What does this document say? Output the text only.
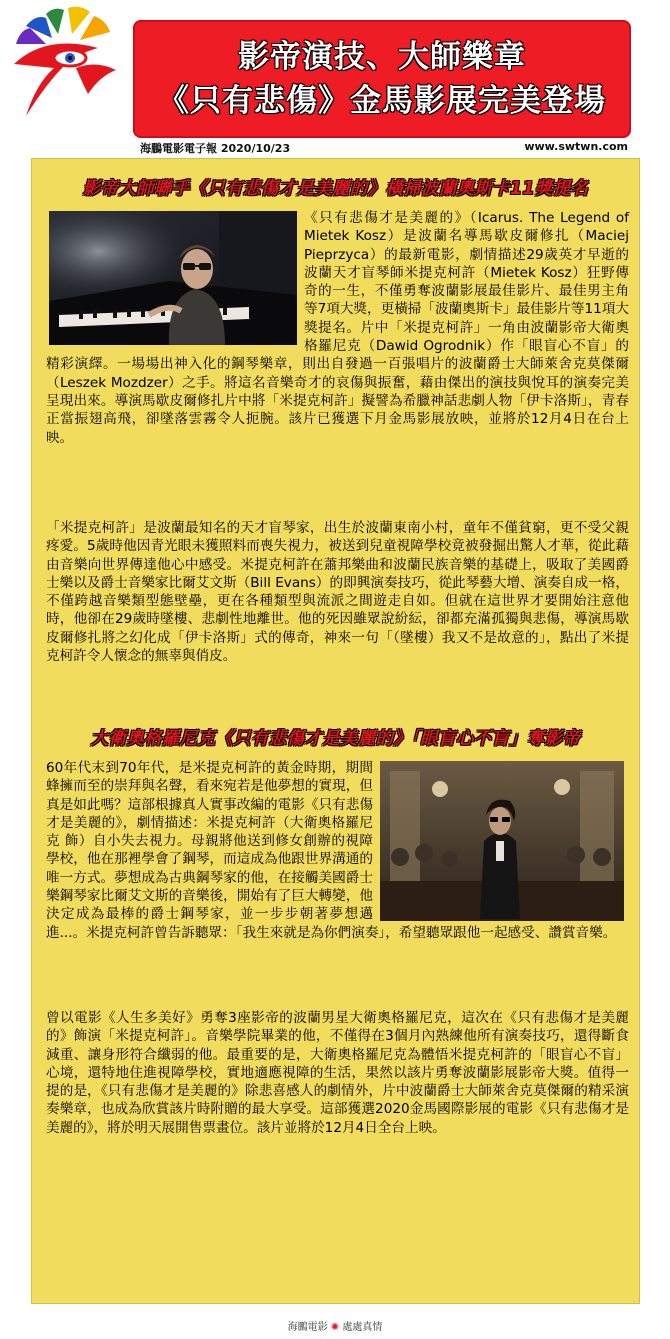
影帝演技、大師樂章
《只有悲傷》金馬影展完美登場
海鵬電影電子報 2020/10/23	www.swtwn.com
影帝大師聯手《只有悲傷才是美麗的》橫掃波蘭奧斯卡11獎提名
《只有悲傷才是美麗的》（Icarus. The Legend of Mietek Kosz）是波蘭名導馬歇皮爾修扎（Maciej Pieprzyca）的最新電影，劇情描述29歲英才早逝的波蘭天才盲琴師米提克柯許（Mietek Kosz）狂野傳奇的一生，不僅勇奪波蘭影展最佳影片、最佳男主角等7項大獎，更橫掃「波蘭奧斯卡」最佳影片等11項大獎提名。片中「米提克柯許」一角由波蘭影帝大衛奧格羅尼克（Dawid Ogrodnik）作「眼盲心不盲」的精彩演繹。一場場出神入化的鋼琴樂章，則出自發過一百張唱片的波蘭爵士大師萊舍克莫傑爾（Leszek Mozdzer）之手。將這名音樂奇才的哀傷與振奮，藉由傑出的演技與悅耳的演奏完美呈現出來。導演馬歇皮爾修扎片中將「米提克柯許」擬譬為希臘神話悲劇人物「伊卡洛斯」，青春正當振翅高飛，卻墜落雲霧令人扼腕。該片已獲選下月金馬影展放映，並將於12月4日在台上映。
「米提克柯許」是波蘭最知名的天才盲琴家，出生於波蘭東南小村，童年不僅貧窮，更不受父親疼愛。5歲時他因青光眼未獲照料而喪失視力，被送到兒童視障學校竟被發掘出驚人才華，從此藉由音樂向世界傳達他心中感受。米提克柯許在蕭邦樂曲和波蘭民族音樂的基礎上，吸取了美國爵士樂以及爵士音樂家比爾艾文斯（Bill Evans）的即興演奏技巧，從此琴藝大增、演奏自成一格，不僅跨越音樂類型態壁壘，更在各種類型與流派之間遊走自如。但就在這世界才要開始注意他時，他卻在29歲時墜樓、悲劇性地離世。他的死因雖眾說紛紜，卻都充滿孤獨與悲傷，導演馬歇皮爾修扎將之幻化成「伊卡洛斯」式的傳奇，神來一句「（墜樓）我又不是故意的」，點出了米提克柯許令人懷念的無辜與俏皮。
大衛奧格羅尼克《只有悲傷才是美麗的》「眼盲心不盲」奪影帝
60年代末到70年代，是米提克柯許的黃金時期，期間蜂擁而至的崇拜與名聲，看來宛若是他夢想的實現，但真是如此嗎？這部根據真人實事改編的電影《只有悲傷才是美麗的》，劇情描述：米提克柯許（大衛奧格羅尼克 飾）自小失去視力。母親將他送到修女創辦的視障學校，他在那裡學會了鋼琴，而這成為他跟世界溝通的唯一方式。夢想成為古典鋼琴家的他，在接觸美國爵士樂鋼琴家比爾艾文斯的音樂後，開始有了巨大轉變，他決定成為最棒的爵士鋼琴家，並一步步朝著夢想邁進...。米提克柯許曾告訴聽眾：「我生來就是為你們演奏」，希望聽眾跟他一起感受、讚賞音樂。
曾以電影《人生多美好》勇奪3座影帝的波蘭男星大衛奧格羅尼克，這次在《只有悲傷才是美麗的》飾演「米提克柯許」。音樂學院畢業的他，不僅得在3個月內熟練他所有演奏技巧，還得斷食減重、讓身形符合纖弱的他。最重要的是，大衛奧格羅尼克為體悟米提克柯許的「眼盲心不盲」心境，還特地住進視障學校，實地適應視障的生活，果然以該片勇奪波蘭影展影帝大獎。值得一提的是，《只有悲傷才是美麗的》除悲喜感人的劇情外，片中波蘭爵士大師萊舍克莫傑爾的精采演奏樂章，也成為欣賞該片時附贈的最大享受。這部獲選2020金馬國際影展的電影《只有悲傷才是美麗的》，將於明天展開售票畫位。該片並將於12月4日全台上映。
海鵬電影 ✺ 處處真情
